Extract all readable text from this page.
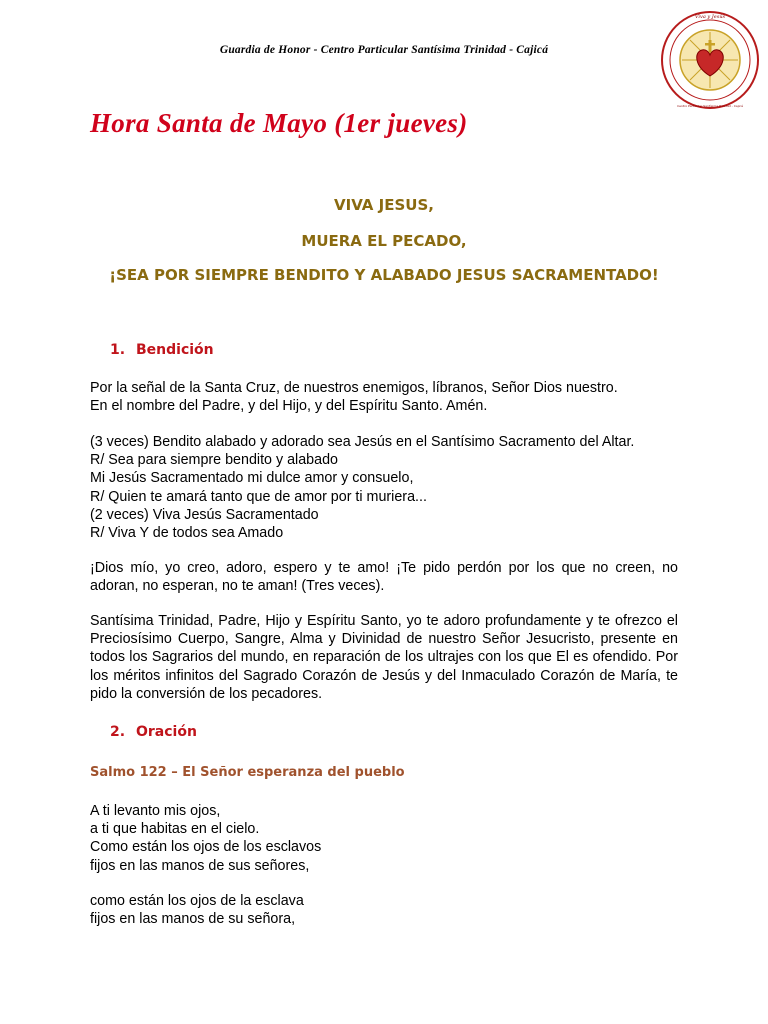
Guardia de Honor - Centro Particular Santísima Trinidad - Cajicá
Viva y Jesús
Centro Particular Santísima Trinidad - Cajicá
Hora Santa de Mayo (1er jueves)
VIVA JESUS,
MUERA EL PECADO,
¡SEA POR SIEMPRE BENDITO Y ALABADO JESUS SACRAMENTADO!
1. Bendición
Por la señal de la Santa Cruz, de nuestros enemigos, líbranos, Señor Dios nuestro.
En el nombre del Padre, y del Hijo, y del Espíritu Santo. Amén.
(3 veces) Bendito alabado y adorado sea Jesús en el Santísimo Sacramento del Altar.
R/ Sea para siempre bendito y alabado
Mi Jesús Sacramentado mi dulce amor y consuelo,
R/ Quien te amará tanto que de amor por ti muriera...
(2 veces) Viva Jesús Sacramentado
R/ Viva Y de todos sea Amado
¡Dios mío, yo creo, adoro, espero y te amo! ¡Te pido perdón por los que no creen, no adoran, no esperan, no te aman! (Tres veces).
Santísima Trinidad, Padre, Hijo y Espíritu Santo, yo te adoro profundamente y te ofrezco el Preciosísimo Cuerpo, Sangre, Alma y Divinidad de nuestro Señor Jesucristo, presente en todos los Sagrarios del mundo, en reparación de los ultrajes con los que El es ofendido. Por los méritos infinitos del Sagrado Corazón de Jesús y del Inmaculado Corazón de María, te pido la conversión de los pecadores.
2. Oración
Salmo 122 – El Señor esperanza del pueblo
A ti levanto mis ojos,
a ti que habitas en el cielo.
Como están los ojos de los esclavos
fijos en las manos de sus señores,
como están los ojos de la esclava
fijos en las manos de su señora,
